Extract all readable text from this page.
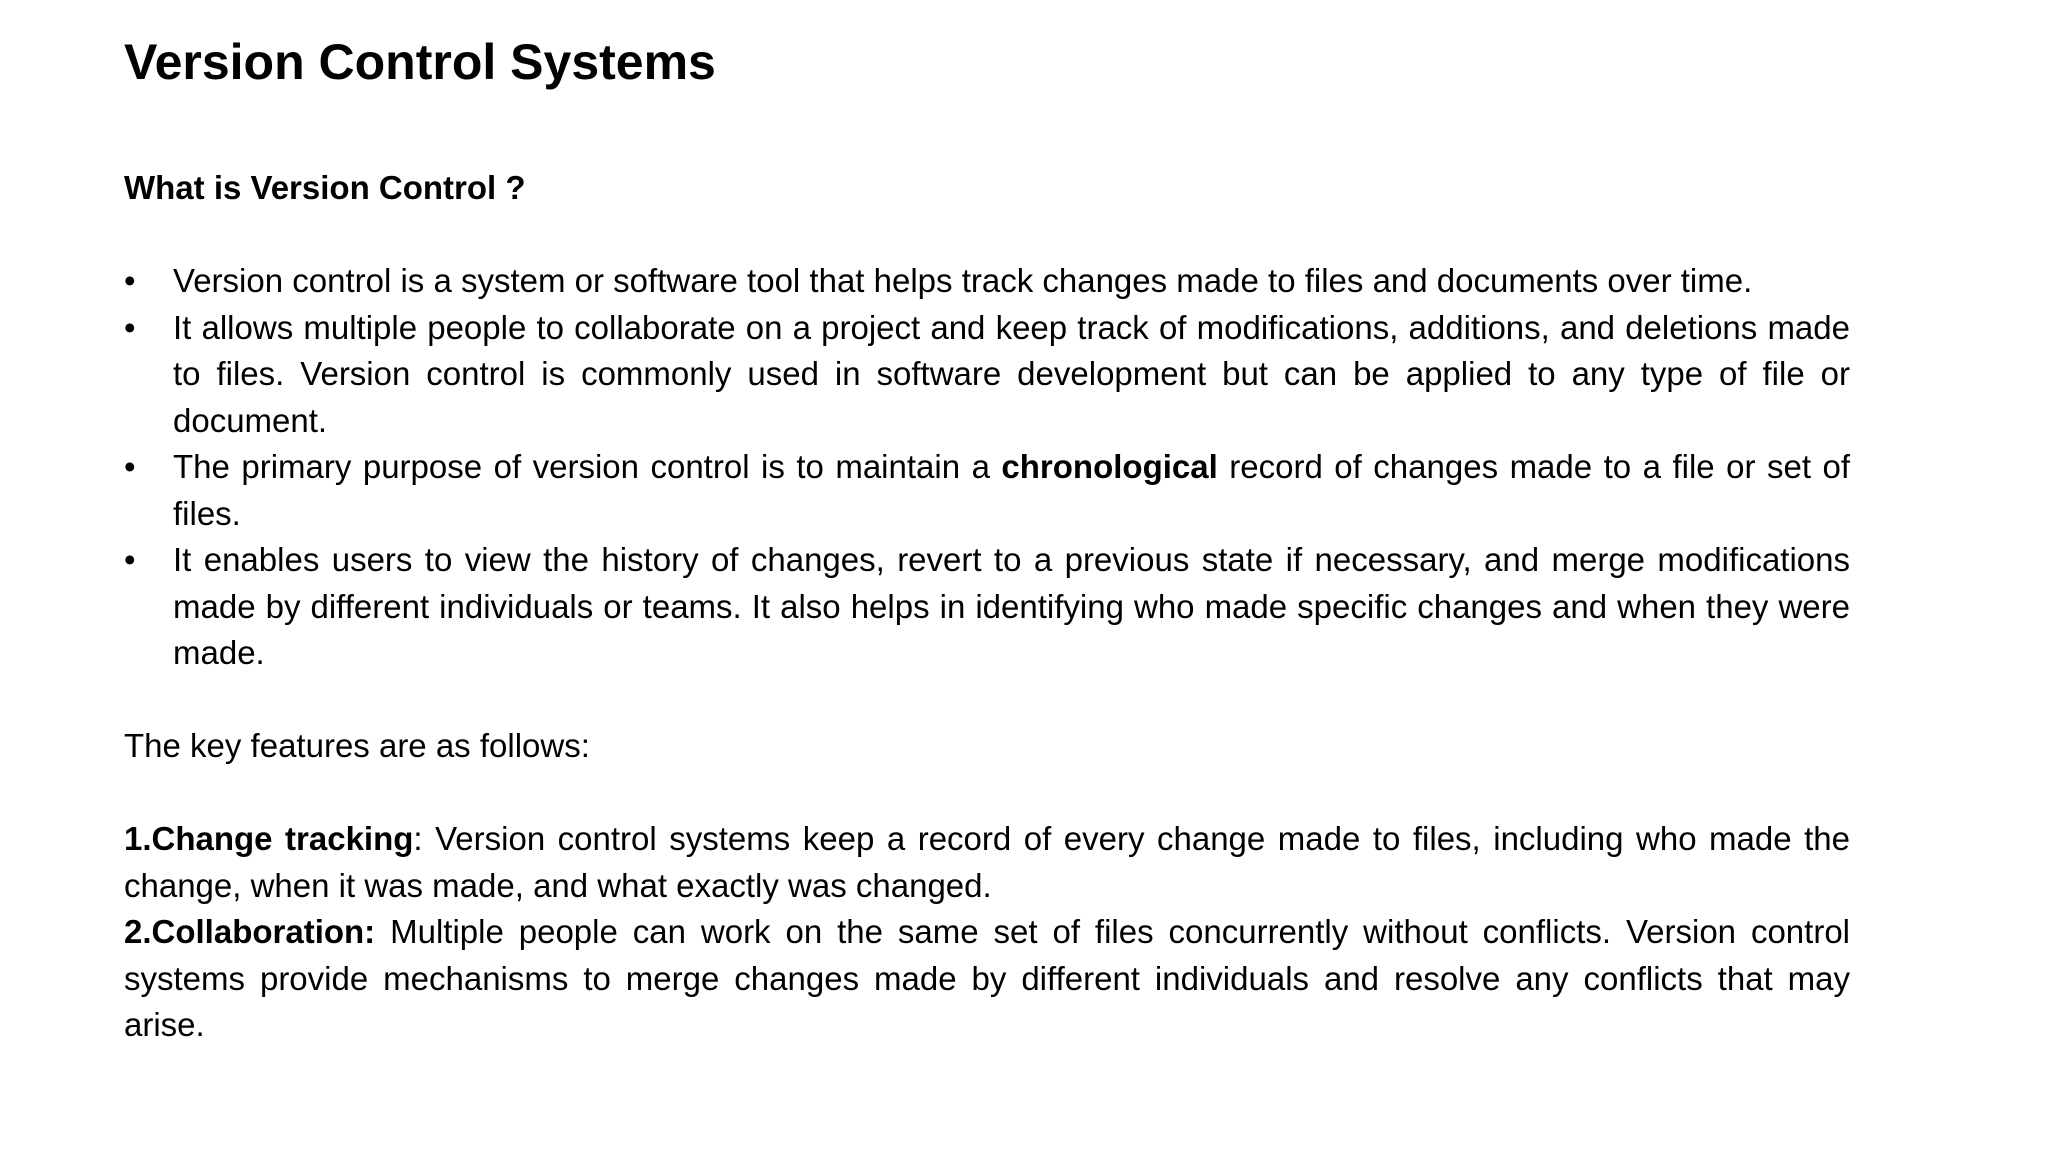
Version Control Systems
What is Version Control ?
•	Version control is a system or software tool that helps track changes made to files and documents over time.
•	It allows multiple people to collaborate on a project and keep track of modifications, additions, and deletions made to files. Version control is commonly used in software development but can be applied to any type of file or document.
•	The primary purpose of version control is to maintain a chronological record of changes made to a file or set of files.
•	It enables users to view the history of changes, revert to a previous state if necessary, and merge modifications made by different individuals or teams. It also helps in identifying who made specific changes and when they were made.

The key features are as follows:

1.Change tracking: Version control systems keep a record of every change made to files, including who made the change, when it was made, and what exactly was changed.

2.Collaboration: Multiple people can work on the same set of files concurrently without conflicts. Version control systems provide mechanisms to merge changes made by different individuals and resolve any conflicts that may arise.
